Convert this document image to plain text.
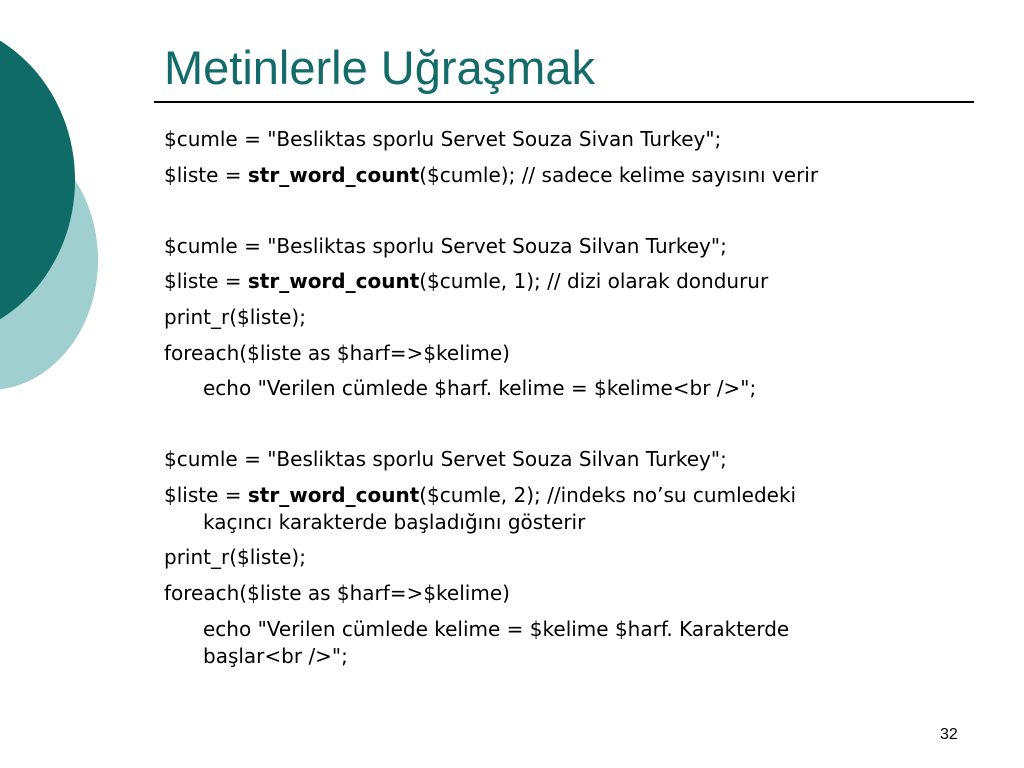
Metinlerle Uğraşmak
$cumle = "Besliktas sporlu Servet Souza Sivan Turkey";
$liste = str_word_count($cumle); // sadece kelime sayısını verir
$cumle = "Besliktas sporlu Servet Souza Silvan Turkey";
$liste = str_word_count($cumle, 1); // dizi olarak dondurur
print_r($liste);
foreach($liste as $harf=>$kelime)
echo "Verilen cümlede $harf. kelime = $kelime<br />";
$cumle = "Besliktas sporlu Servet Souza Silvan Turkey";
$liste = str_word_count($cumle, 2); //indeks no’su cumledeki
kaçıncı karakterde başladığını gösterir
print_r($liste);
foreach($liste as $harf=>$kelime)
echo "Verilen cümlede kelime = $kelime $harf. Karakterde
başlar<br />";
32
